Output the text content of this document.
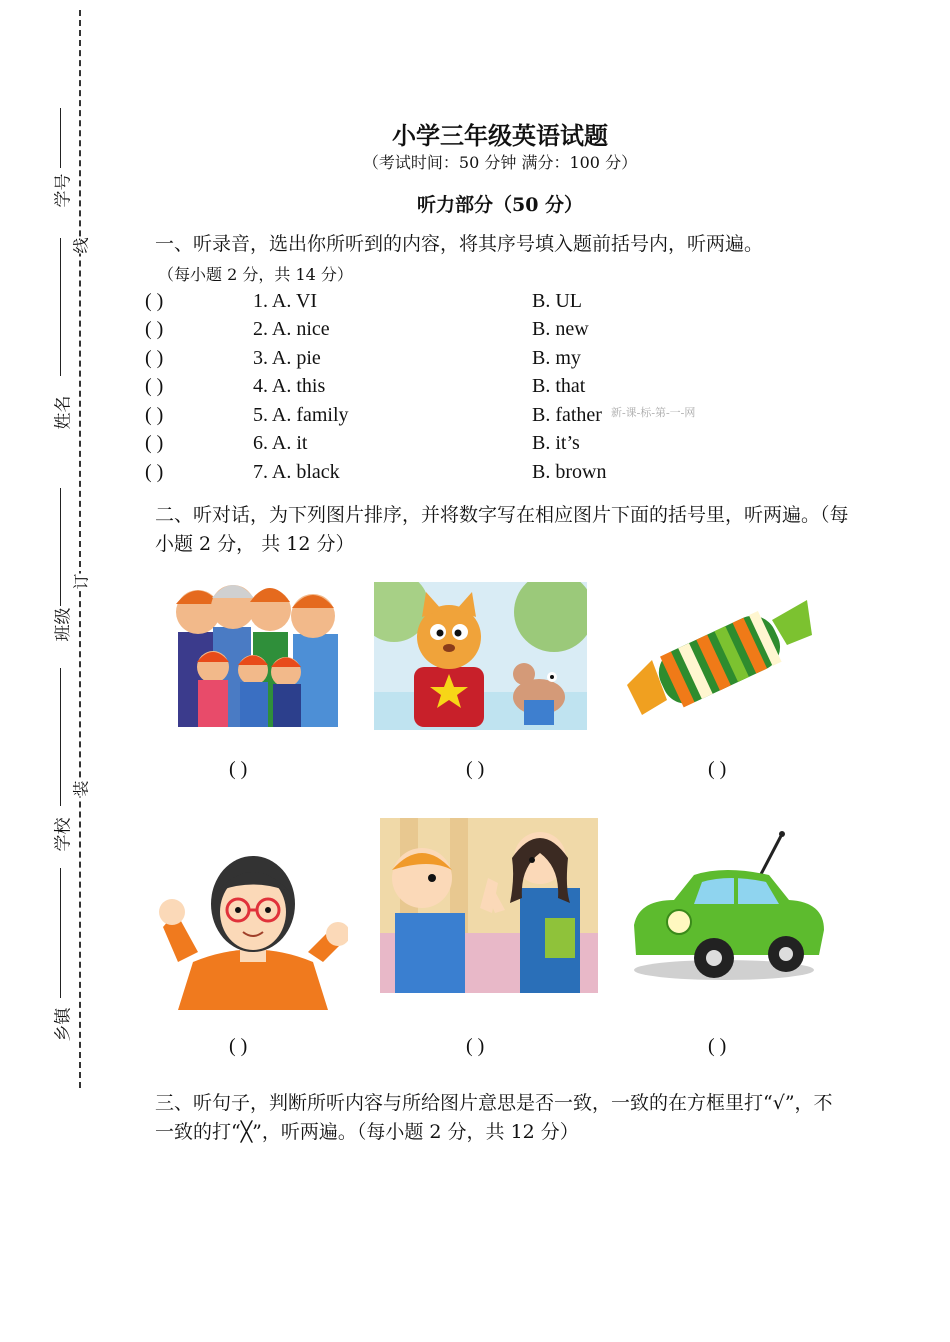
学号
线
姓名
订
班级
装
学校
乡镇
小学三年级英语试题
（考试时间：50 分钟 满分：100 分）
听力部分（50 分）
一、听录音，选出你所听到的内容，将其序号填入题前括号内，听两遍。
（每小题 2 分，共 14 分）
( )	1. A. VI	B. UL
( )	2. A. nice	B. new
( )	3. A. pie	B. my
( )	4. A. this	B. that
( )	5. A. family	B. father 新-课-标-第-一-网
( )	6. A. it	B. it’s
( )	7. A. black	B. brown
二、听对话，为下列图片排序，并将数字写在相应图片下面的括号里，听两遍。（每小题 2 分， 共 12 分）
( )	( )	( )
( )	( )	( )
三、听句子，判断所听内容与所给图片意思是否一致，一致的在方框里打“√”，不一致的打“╳”，听两遍。（每小题 2 分，共 12 分）
